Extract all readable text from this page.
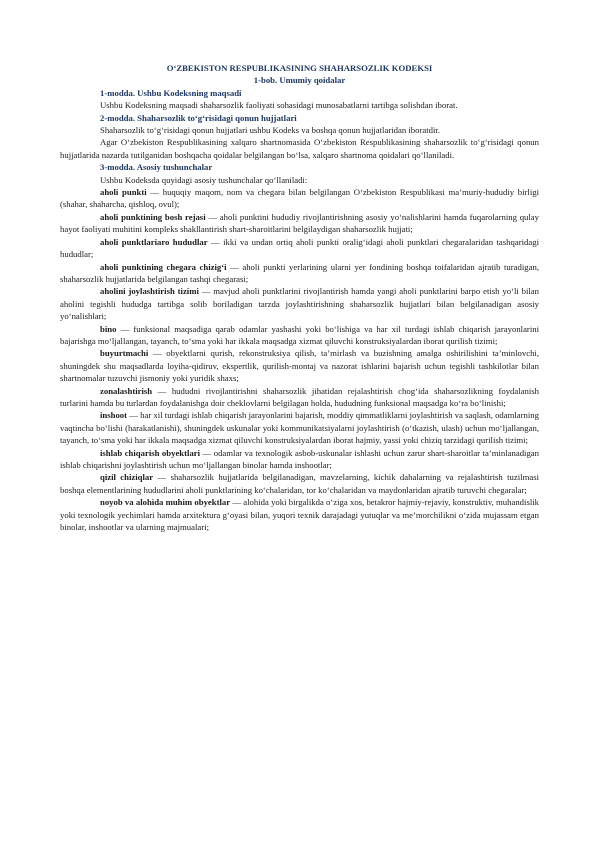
O‘ZBEKISTON RESPUBLIKASINING SHAHARSOZLIK KODEKSI

1-bob. Umumiy qoidalar

1-modda. Ushbu Kodeksning maqsadi

Ushbu Kodeksning maqsadi shaharsozlik faoliyati sohasidagi munosabatlarni tartibga solishdan iborat.

2-modda. Shaharsozlik to‘g‘risidagi qonun hujjatlari

Shaharsozlik to‘g‘risidagi qonun hujjatlari ushbu Kodeks va boshqa qonun hujjatlaridan iboratdir.

Agar O‘zbekiston Respublikasining xalqaro shartnomasida O‘zbekiston Respublikasining shaharsozlik to‘g‘risidagi qonun hujjatlarida nazarda tutilganidan boshqacha qoidalar belgilangan bo‘lsa, xalqaro shartnoma qoidalari qo‘llaniladi.

3-modda. Asosiy tushunchalar

Ushbu Kodeksda quyidagi asosiy tushunchalar qo‘llaniladi:

aholi punkti — huquqiy maqom, nom va chegara bilan belgilangan O‘zbekiston Respublikasi ma’muriy-hududiy birligi (shahar, shaharcha, qishloq, ovul);

aholi punktining bosh rejasi — aholi punktini hududiy rivojlantirishning asosiy yo‘nalishlarini hamda fuqarolarning qulay hayot faoliyati muhitini kompleks shakllantirish shart-sharoitlarini belgilaydigan shaharsozlik hujjati;

aholi punktlariaro hududlar — ikki va undan ortiq aholi punkti oralig‘idagi aholi punktlari chegaralaridan tashqaridagi hududlar;

aholi punktining chegara chizig‘i — aholi punkti yerlarining ularni yer fondining boshqa toifalaridan ajratib turadigan, shaharsozlik hujjatlarida belgilangan tashqi chegarasi;

aholini joylashtirish tizimi — mavjud aholi punktlarini rivojlantirish hamda yangi aholi punktlarini barpo etish yo‘li bilan aholini tegishli hududga tartibga solib boriladigan tarzda joylashtirishning shaharsozlik hujjatlari bilan belgilanadigan asosiy yo‘nalishlari;

bino — funksional maqsadiga qarab odamlar yashashi yoki bo‘lishiga va har xil turdagi ishlab chiqarish jarayonlarini bajarishga mo‘ljallangan, tayanch, to‘sma yoki har ikkala maqsadga xizmat qiluvchi konstruksiyalardan iborat qurilish tizimi;

buyurtmachi — obyektlarni qurish, rekonstruksiya qilish, ta’mirlash va buzishning amalga oshirilishini ta’minlovchi, shuningdek shu maqsadlarda loyiha-qidiruv, ekspertlik, qurilish-montaj va nazorat ishlarini bajarish uchun tegishli tashkilotlar bilan shartnomalar tuzuvchi jismoniy yoki yuridik shaxs;

zonalashtirish — hududni rivojlantirishni shaharsozlik jihatidan rejalashtirish chog‘ida shaharsozlikning foydalanish turlarini hamda bu turlardan foydalanishga doir cheklovlarni belgilagan holda, hududning funksional maqsadga ko‘ra bo‘linishi;

inshoot — har xil turdagi ishlab chiqarish jarayonlarini bajarish, moddiy qimmatliklarni joylashtirish va saqlash, odamlarning vaqtincha bo‘lishi (harakatlanishi), shuningdek uskunalar yoki kommunikatsiyalarni joylashtirish (o‘tkazish, ulash) uchun mo‘ljallangan, tayanch, to‘sma yoki har ikkala maqsadga xizmat qiluvchi konstruksiyalardan iborat hajmiy, yassi yoki chiziq tarzidagi qurilish tizimi;

ishlab chiqarish obyektlari — odamlar va texnologik asbob-uskunalar ishlashi uchun zarur shart-sharoitlar ta’minlanadigan ishlab chiqarishni joylashtirish uchun mo‘ljallangan binolar hamda inshootlar;

qizil chiziqlar — shaharsozlik hujjatlarida belgilanadigan, mavzelarning, kichik dahalarning va rejalashtirish tuzilmasi boshqa elementlarining hududlarini aholi punktlarining ko‘chalaridan, tor ko‘chalaridan va maydonlaridan ajratib turuvchi chegaralar;

noyob va alohida muhim obyektlar — alohida yoki birgalikda o‘ziga xos, betakror hajmiy-rejaviy, konstruktiv, muhandislik yoki texnologik yechimlari hamda arxitektura g‘oyasi bilan, yuqori texnik darajadagi yutuqlar va me’morchilikni o‘zida mujassam etgan binolar, inshootlar va ularning majmualari;
